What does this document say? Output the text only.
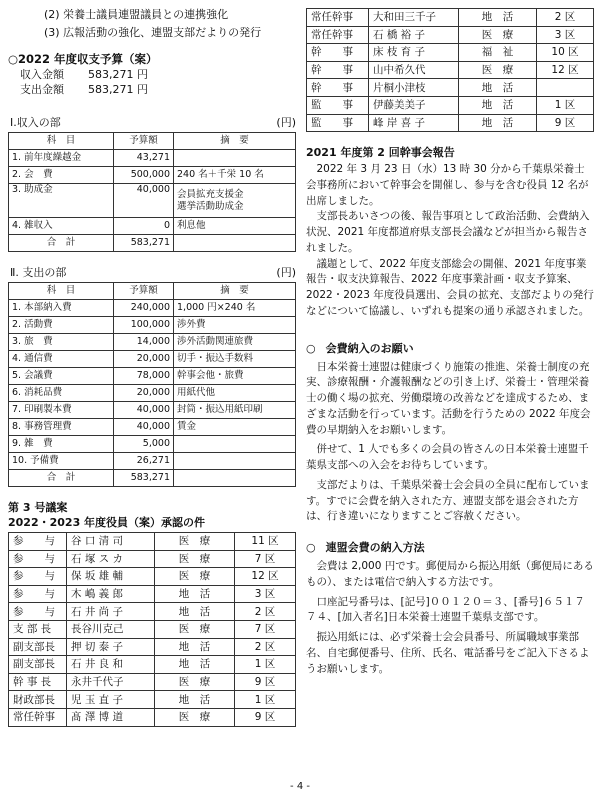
(2) 栄養士議員連盟議員との連携強化
(3) 広報活動の強化、連盟支部だよりの発行
○2022 年度収支予算（案）
収入金額	583,271 円
支出金額	583,271 円
Ⅰ.収入の部	(円)
科　目	予算額	摘　要
1. 前年度繰越金	43,271	
2. 会　費	500,000	240 名＋千栄 10 名
3. 助成金	40,000	会員拡充支援金
選挙活動助成金

4. 雑収入	0	利息他
合　計	583,271	
Ⅱ. 支出の部	(円)
科　目	予算額	摘　要
1. 本部納入費	240,000	1,000 円×240 名
2. 活動費	100,000	渉外費
3. 旅　費	14,000	渉外活動関連旅費
4. 通信費	20,000	切手・振込手数料
5. 会議費	78,000	幹事会他・旅費
6. 消耗品費	20,000	用紙代他
7. 印刷製本費	40,000	封筒・振込用紙印刷
8. 事務管理費	40,000	賃金
9. 雑　費	5,000	
10. 予備費	26,271	
合　計	583,271	
第 3 号議案
2022・2023 年度役員（案）承認の件
参　　与	谷 口 清 司	医　療	11 区
参　　与	石 塚 ス カ	医　療	7 区
参　　与	保 坂 雄 輔	医　療	12 区
参　　与	木 嶋 義 郎	地　活	3 区
参　　与	石 井 尚 子	地　活	2 区
支 部 長	長谷川克己	医　療	7 区
副支部長	押 切 泰 子	地　活	2 区
副支部長	石 井 良 和	地　活	1 区
幹 事 長	永井千代子	医　療	9 区
財政部長	児 玉 直 子	地　活	1 区
常任幹事	髙 澤 博 道	医　療	9 区
常任幹事	大和田三千子	地　活	2 区
常任幹事	石 橋 裕 子	医　療	3 区
幹　　事	床 枝 育 子	福　祉	10 区
幹　　事	山中希久代	医　療	12 区
幹　　事	片桐小津枝	地　活	
監　　事	伊藤美美子	地　活	1 区
監　　事	峰 岸 喜 子	地　活	9 区
2021 年度第 2 回幹事会報告

2022 年 3 月 23 日（水）13 時 30 分から千葉県栄養士会事務所において幹事会を開催し、参与を含む役員 12 名が出席しました。

支部長あいさつの後、報告事項として政治活動、会費納入状況、2021 年度都道府県支部長会議などが担当から報告されました。

議題として、2022 年度支部総会の開催、2021 年度事業報告・収支決算報告、2022 年度事業計画・収支予算案、2022・2023 年度役員選出、会員の拡充、支部だよりの発行などについて協議し、いずれも提案の通り承認されました。

○ 会費納入のお願い

日本栄養士連盟は健康づくり施策の推進、栄養士制度の充実、診療報酬・介護報酬などの引き上げ、栄養士・管理栄養士の働く場の拡充、労働環境の改善などを達成するため、まざまな活動を行っています。活動を行うための 2022 年度会費の早期納入をお願いします。

併せて、1 人でも多くの会員の皆さんの日本栄養士連盟千葉県支部への入会をお待ちしています。

支部だよりは、千葉県栄養士会会員の全員に配布しています。すでに会費を納入された方、連盟支部を退会された方は、行き違いになりますことご容赦ください。

○ 連盟会費の納入方法

会費は 2,000 円です。郵便局から振込用紙（郵便局にあるもの）、または電信で納入する方法です。

口座記号番号は、[記号]００１２０＝３、[番号]６５１７７４、[加入者名]日本栄養士連盟千葉県支部です。

振込用紙には、必ず栄養士会会員番号、所属職域事業部名、自宅郵便番号、住所、氏名、電話番号をご記入下さるようお願いします。

- 4 -
